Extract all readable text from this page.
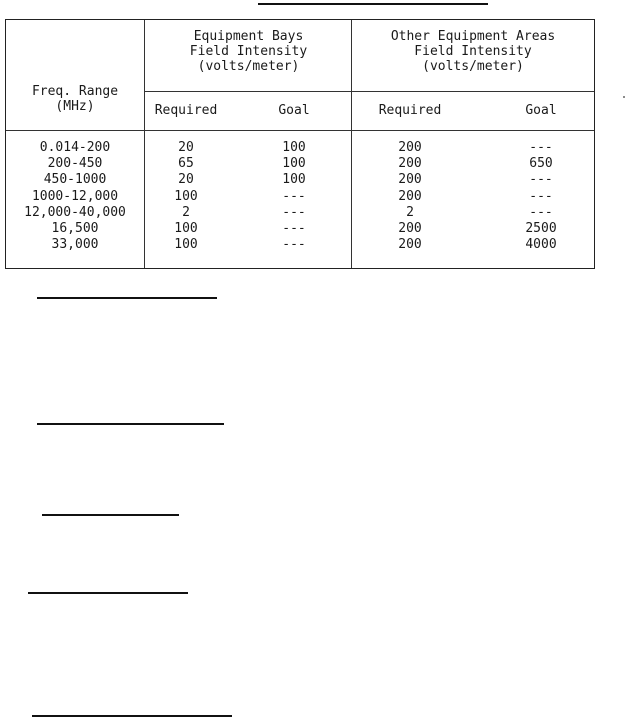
Freq. Range
(MHz)
Equipment Bays
Field Intensity
(volts/meter)
Other Equipment Areas
Field Intensity
(volts/meter)
Required	Goal	Required	Goal
0.014-200	20	100	200	---
200-450	65	100	200	650
450-1000	20	100	200	---
1000-12,000	100	---	200	---
12,000-40,000	2	---	2	---
16,500	100	---	200	2500
33,000	100	---	200	4000
